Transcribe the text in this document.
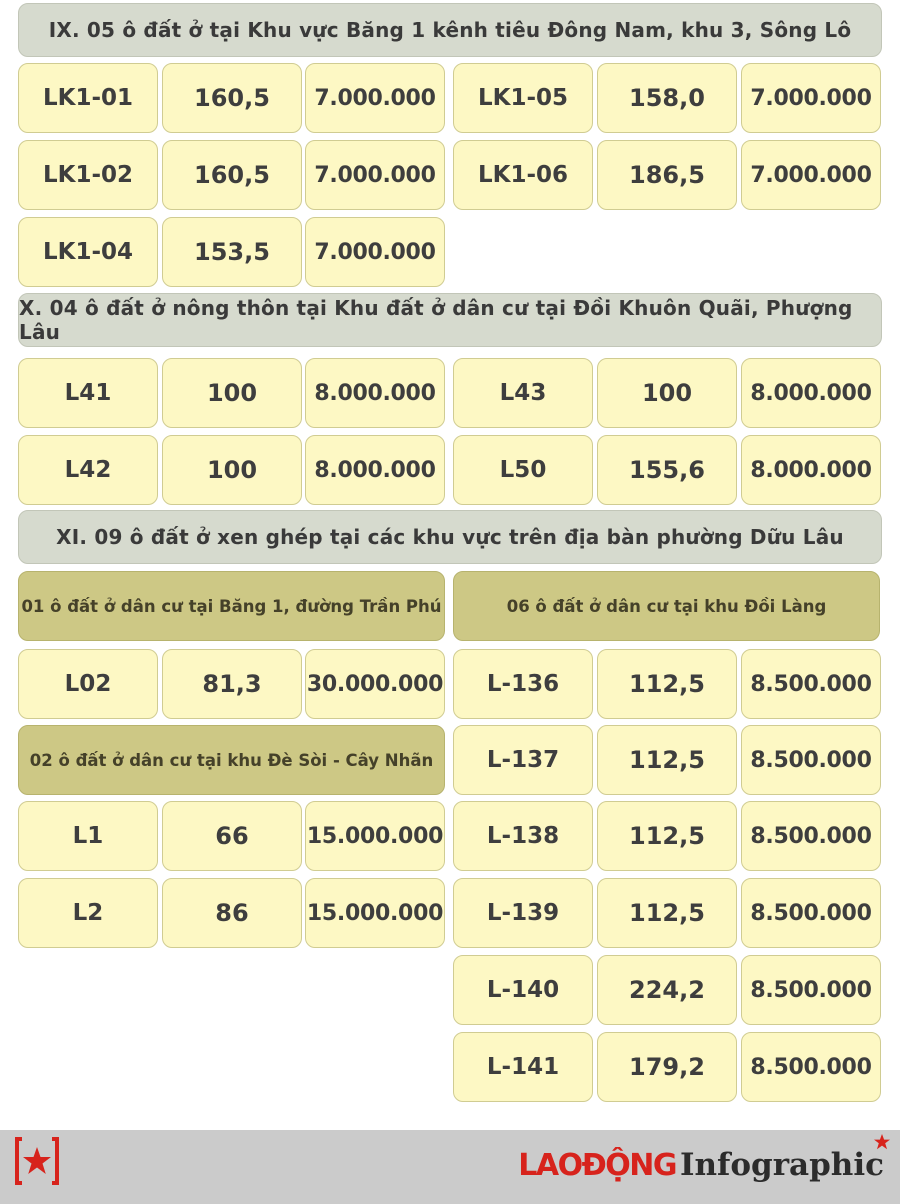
IX. 05 ô đất ở tại Khu vực Băng 1 kênh tiêu Đông Nam, khu 3, Sông Lô
LK1-01	160,5	7.000.000
LK1-02	160,5	7.000.000
LK1-04	153,5	7.000.000
LK1-05	158,0	7.000.000
LK1-06	186,5	7.000.000
X. 04 ô đất ở nông thôn tại Khu đất ở dân cư tại Đồi Khuôn Quãi, Phượng Lâu
L41	100	8.000.000
L42	100	8.000.000
L43	100	8.000.000
L50	155,6	8.000.000
XI. 09 ô đất ở xen ghép tại các khu vực trên địa bàn phường Dữu Lâu
01 ô đất ở dân cư tại Băng 1, đường Trần Phú
L02	81,3	30.000.000
02 ô đất ở dân cư tại khu Đè Sòi - Cây Nhãn
L1	66	15.000.000
L2	86	15.000.000
06 ô đất ở dân cư tại khu Đồi Làng
L-136	112,5	8.500.000
L-137	112,5	8.500.000
L-138	112,5	8.500.000
L-139	112,5	8.500.000
L-140	224,2	8.500.000
L-141	179,2	8.500.000
LAOĐỘNG Infographic
